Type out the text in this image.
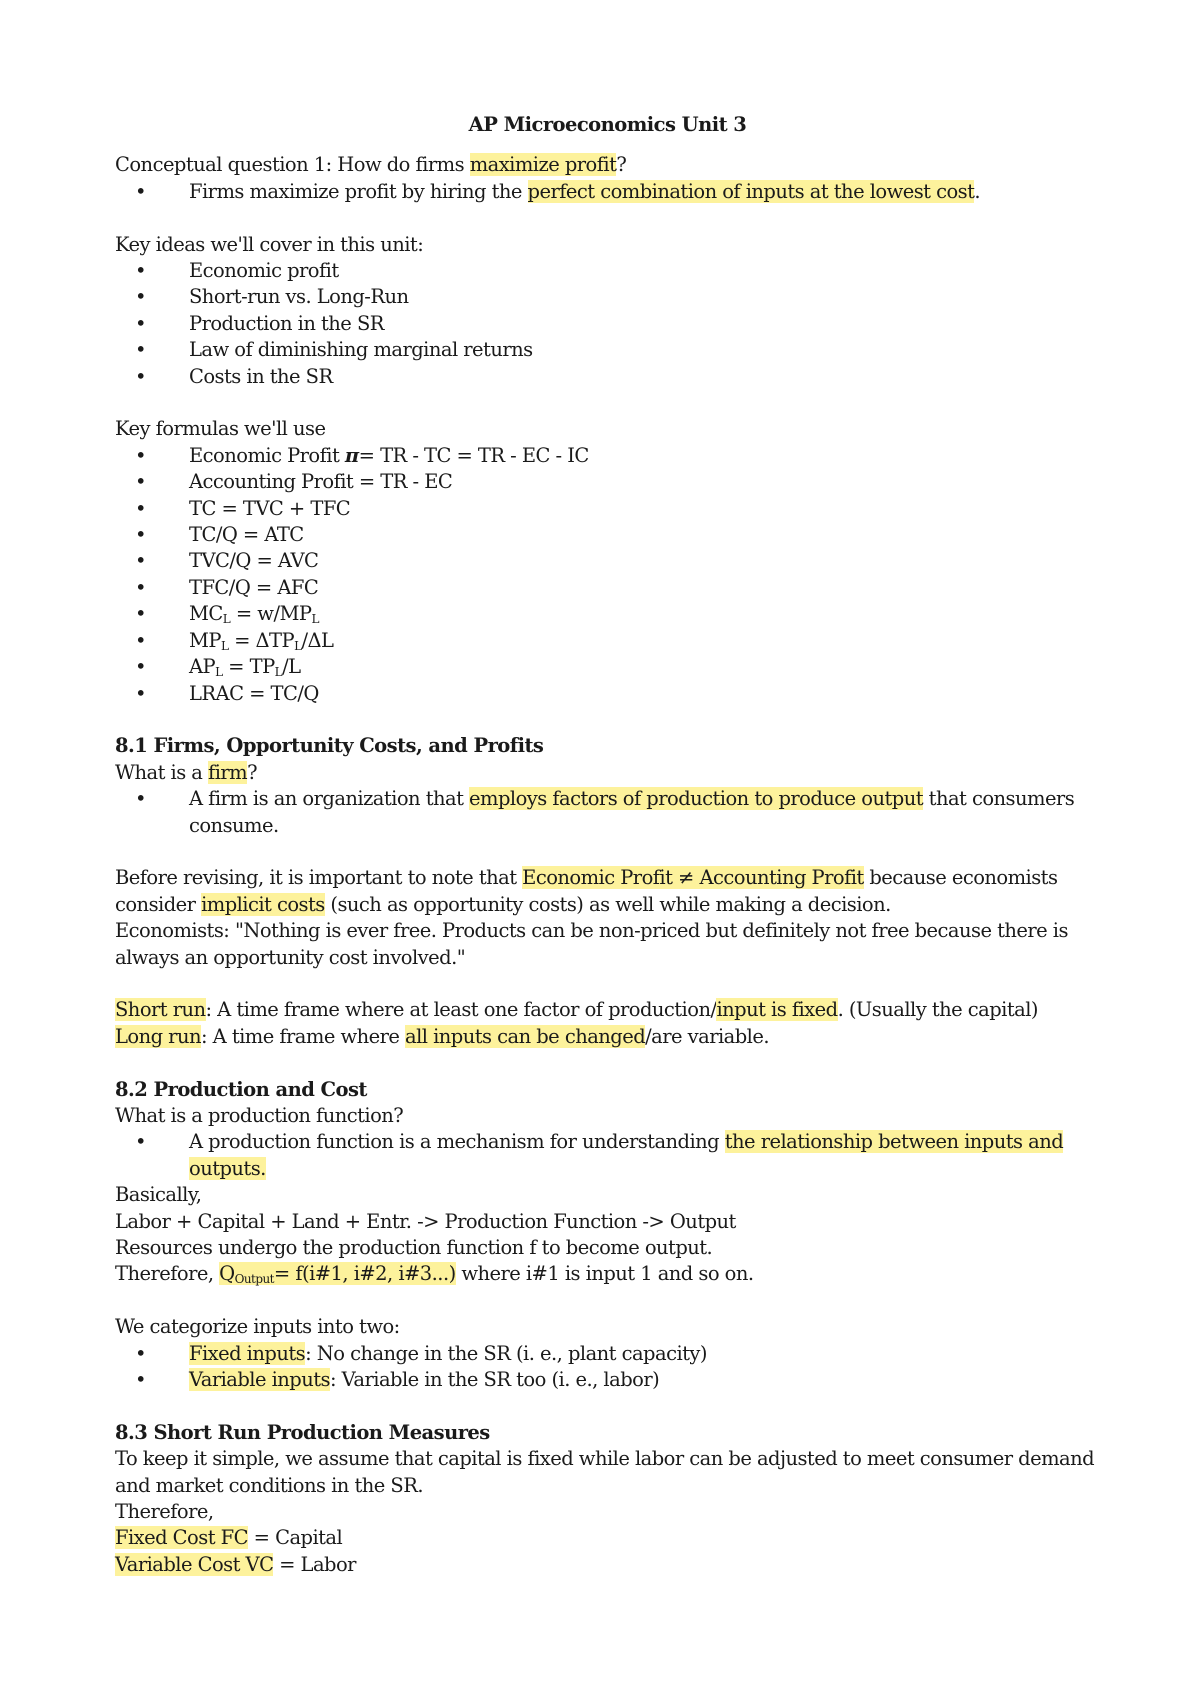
AP Microeconomics Unit 3

Conceptual question 1: How do firms maximize profit?

• Firms maximize profit by hiring the perfect combination of inputs at the lowest cost.

Key ideas we'll cover in this unit:

• Economic profit
• Short-run vs. Long-Run
• Production in the SR
• Law of diminishing marginal returns
• Costs in the SR

Key formulas we'll use

• Economic Profit π= TR - TC = TR - EC - IC
• Accounting Profit = TR - EC
• TC = TVC + TFC
• TC/Q = ATC
• TVC/Q = AVC
• TFC/Q = AFC
• $MC_L = w/MP_L$
• $MP_L = \Delta TP_L/\Delta L$
• $AP_L = TP_L/L$
• LRAC = TC/Q

8.1 Firms, Opportunity Costs, and Profits

What is a firm?

• A firm is an organization that employs factors of production to produce output that consumers consume.

Before revising, it is important to note that Economic Profit ≠ Accounting Profit because economists consider implicit costs (such as opportunity costs) as well while making a decision.

Economists: "Nothing is ever free. Products can be non-priced but definitely not free because there is always an opportunity cost involved."

Short run: A time frame where at least one factor of production/input is fixed. (Usually the capital)

Long run: A time frame where all inputs can be changed/are variable.

8.2 Production and Cost

What is a production function?

• A production function is a mechanism for understanding the relationship between inputs and outputs.

Basically,

Labor + Capital + Land + Entr. -> Production Function -> Output

Resources undergo the production function f to become output.

Therefore, $Q_{Output}=$ f(i#1, i#2, i#3...) where i#1 is input 1 and so on.

We categorize inputs into two:

• Fixed inputs: No change in the SR (i. e., plant capacity)
• Variable inputs: Variable in the SR too (i. e., labor)

8.3 Short Run Production Measures

To keep it simple, we assume that capital is fixed while labor can be adjusted to meet consumer demand and market conditions in the SR.

Therefore,

Fixed Cost FC = Capital

Variable Cost VC = Labor
